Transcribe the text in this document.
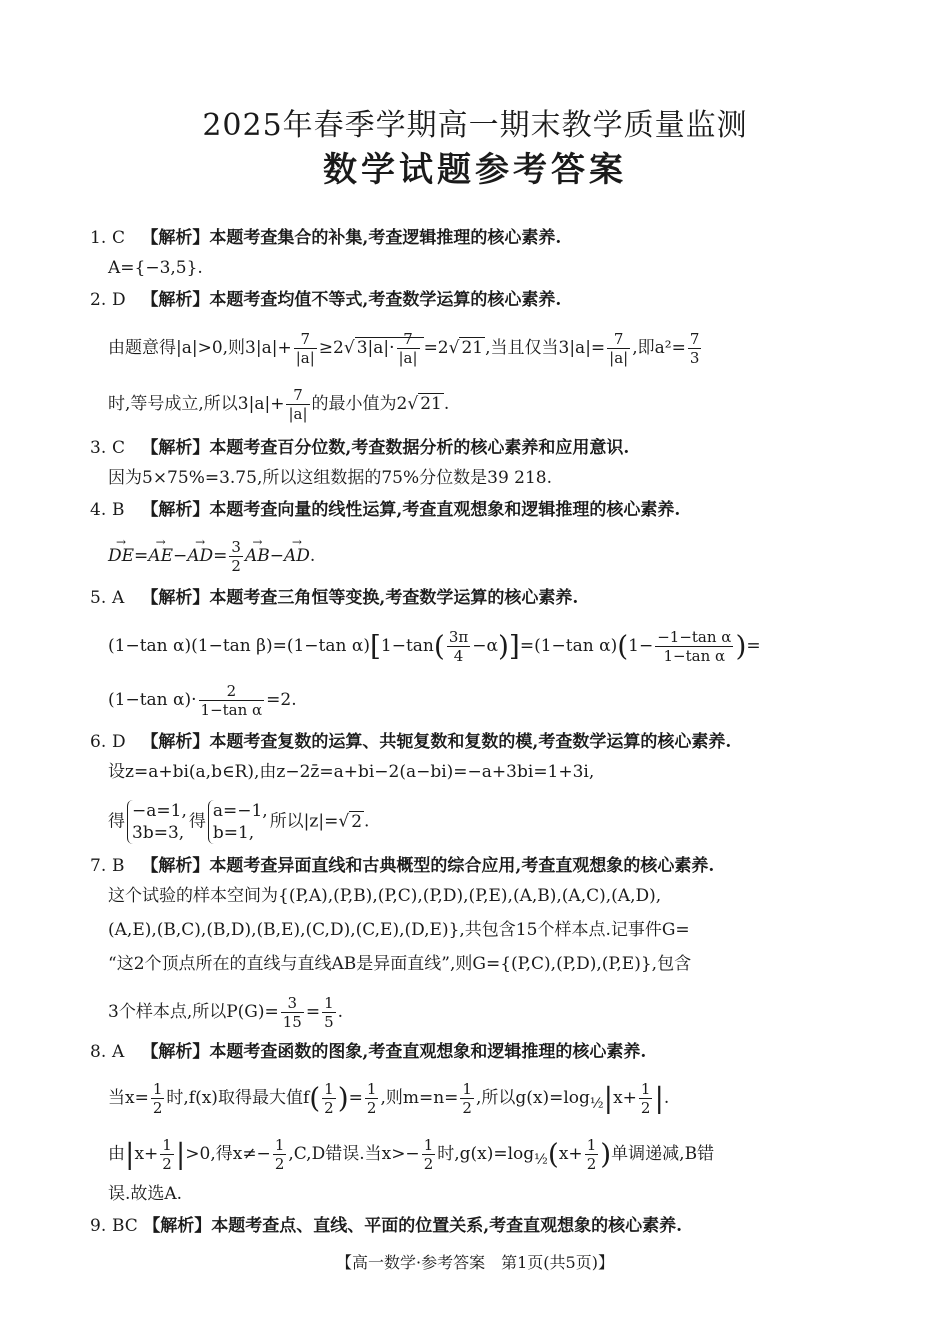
2025年春季学期高一期末教学质量监测
数学试题参考答案
1. C 【解析】本题考查集合的补集,考查逻辑推理的核心素养.
A={−3,5}.
2. D 【解析】本题考查均值不等式,考查数学运算的核心素养.
由题意得|a|>0,则$3|a|+ \frac{7}{|a|} \ge 2√$ $3|a|\cdot \frac{7}{|a|} =2√$ 21 ,当且仅当$3|a|= \frac{7}{|a|}$ ,即$a^2= \frac{7}{3}$
时,等号成立,所以$3|a|+ \frac{7}{|a|}$ 的最小值为2√ 21 .
3. C 【解析】本题考查百分位数,考查数据分析的核心素养和应用意识.
因为5×75%=3.75,所以这组数据的75%分位数是39 218.
4. B 【解析】本题考查向量的线性运算,考查直观想象和逻辑推理的核心素养.
→ $DE=\to AE-\to AD= \frac{3}{2}$
→ AB−→ AD.
5. A 【解析】本题考查三角恒等变换,考查数学运算的核心素养.
(1−tan α)(1−tan β)=(1−tan $\alpha)[1-\tan( \frac{3\pi}{4} -\alpha)]=(1-\tan$ $\alpha)(1- \frac{\text{−1−tan α}}{\text{1−tan α}}$ )=
(1−tan $\alpha)\cdot \frac{2}{\text{1−tan α}} =2$.
6. D 【解析】本题考查复数的运算、共轭复数和复数的模,考查数学运算的核心素养.
设z=a+bi(a,b∈R),由z−2z̄=a+bi−2(a−bi)=−a+3bi=1+3i,
得
−a=1,
3b=3,
得
a=−1,
b=1,
所以|z|=√ 2 .
7. B 【解析】本题考查异面直线和古典概型的综合应用,考查直观想象的核心素养.
这个试验的样本空间为{(P,A),(P,B),(P,C),(P,D),(P,E),(A,B),(A,C),(A,D),
(A,E),(B,C),(B,D),(B,E),(C,D),(C,E),(D,E)},共包含15个样本点.记事件G=
“这2个顶点所在的直线与直线AB是异面直线”,则G={(P,C),(P,D),(P,E)},包含
3个样本点,所以$P(G)= \frac{3}{15} = \frac{1}{5}$ .
8. A 【解析】本题考查函数的图象,考查直观想象和逻辑推理的核心素养.
当$x= \frac{1}{2}$ 时,f(x)取得最大值$f( \frac{1}{2}$ )= $\frac{1}{2}$ ,则$m=n= \frac{1}{2}$ ,所以$g(x)=\log_{\frac{1}{2}}|x+ \frac{1}{2}$ |.
由$|x+ \frac{1}{2} |>0$,得$x\ne- \frac{1}{2} ,C,D$错误.当$x>- \frac{1}{2}$ 时$,g(x)=\log_{\frac{1}{2}}(x+ \frac{1}{2}$ )单调递减,B错
误.故选A.
9. BC 【解析】本题考查点、直线、平面的位置关系,考查直观想象的核心素养.
【高一数学·参考答案　第1页(共5页)】
